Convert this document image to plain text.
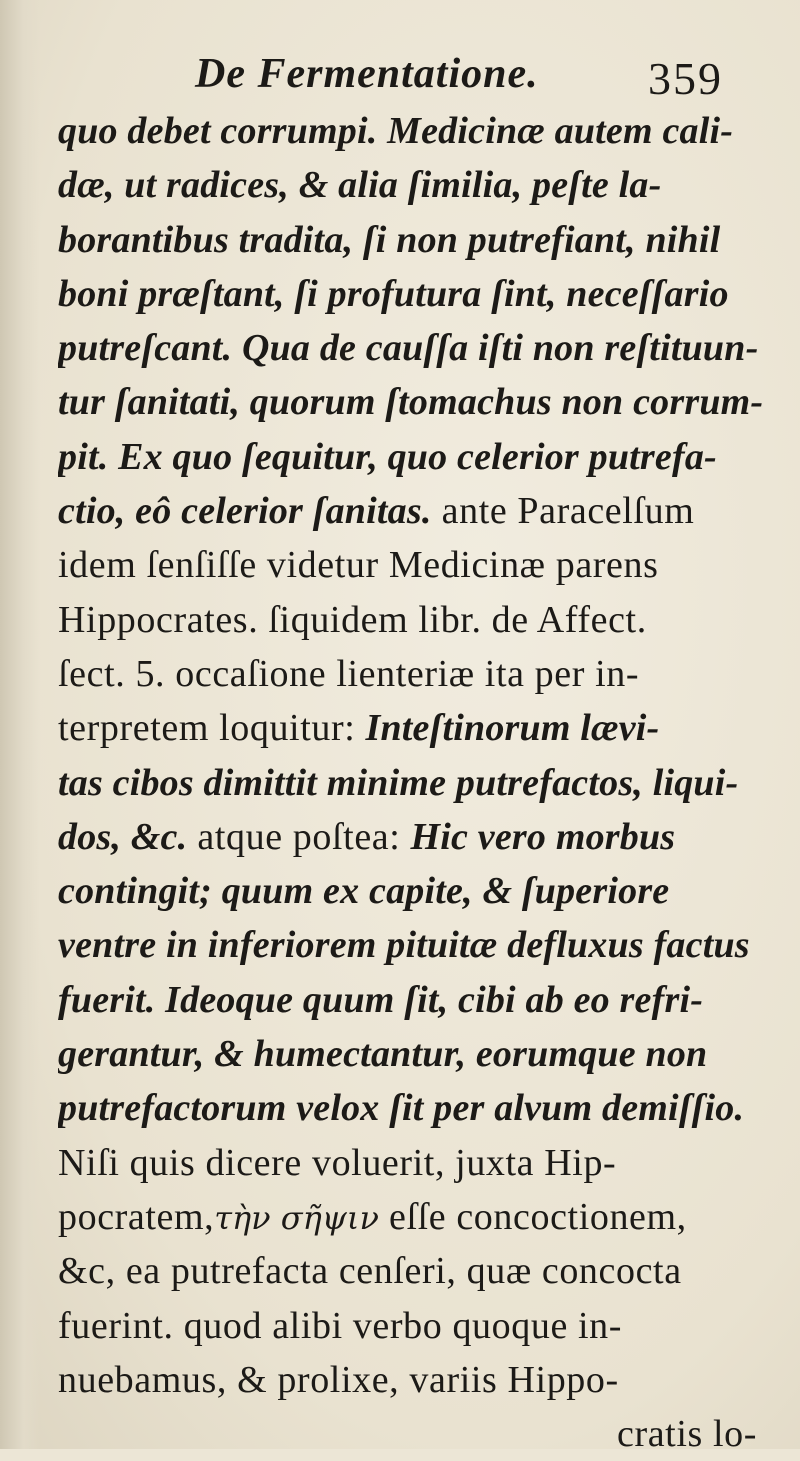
De Fermentatione. 359
quo debet corrumpi. Medicinæ autem cali-
dæ, ut radices, & alia ſimilia, peſte la-
borantibus tradita, ſi non putrefiant, nihil
boni præſtant, ſi profutura ſint, neceſſario
putreſcant. Qua de cauſſa iſti non reſtituun-
tur ſanitati, quorum ſtomachus non corrum-
pit. Ex quo ſequitur, quo celerior putrefa-
ctio, eô celerior ſanitas. ante Paracelſum
idem ſenſiſſe videtur Medicinæ parens
Hippocrates. ſiquidem libr. de Affect.
ſect. 5. occaſione lienteriæ ita per in-
terpretem loquitur: Inteſtinorum lævi-
tas cibos dimittit minime putrefactos, liqui-
dos, &c. atque poſtea: Hic vero morbus
contingit; quum ex capite, & ſuperiore
ventre in inferiorem pituitæ defluxus factus
fuerit. Ideoque quum ſit, cibi ab eo refri-
gerantur, & humectantur, eorumque non
putrefactorum velox ſit per alvum demiſſio.
Niſi quis dicere voluerit, juxta Hip-
pocratem,τὴν σῆψιν eſſe concoctionem,
&c, ea putrefacta cenſeri, quæ concocta
fuerint. quod alibi verbo quoque in-
nuebamus, & prolixe, variis Hippo-
cratis lo-
